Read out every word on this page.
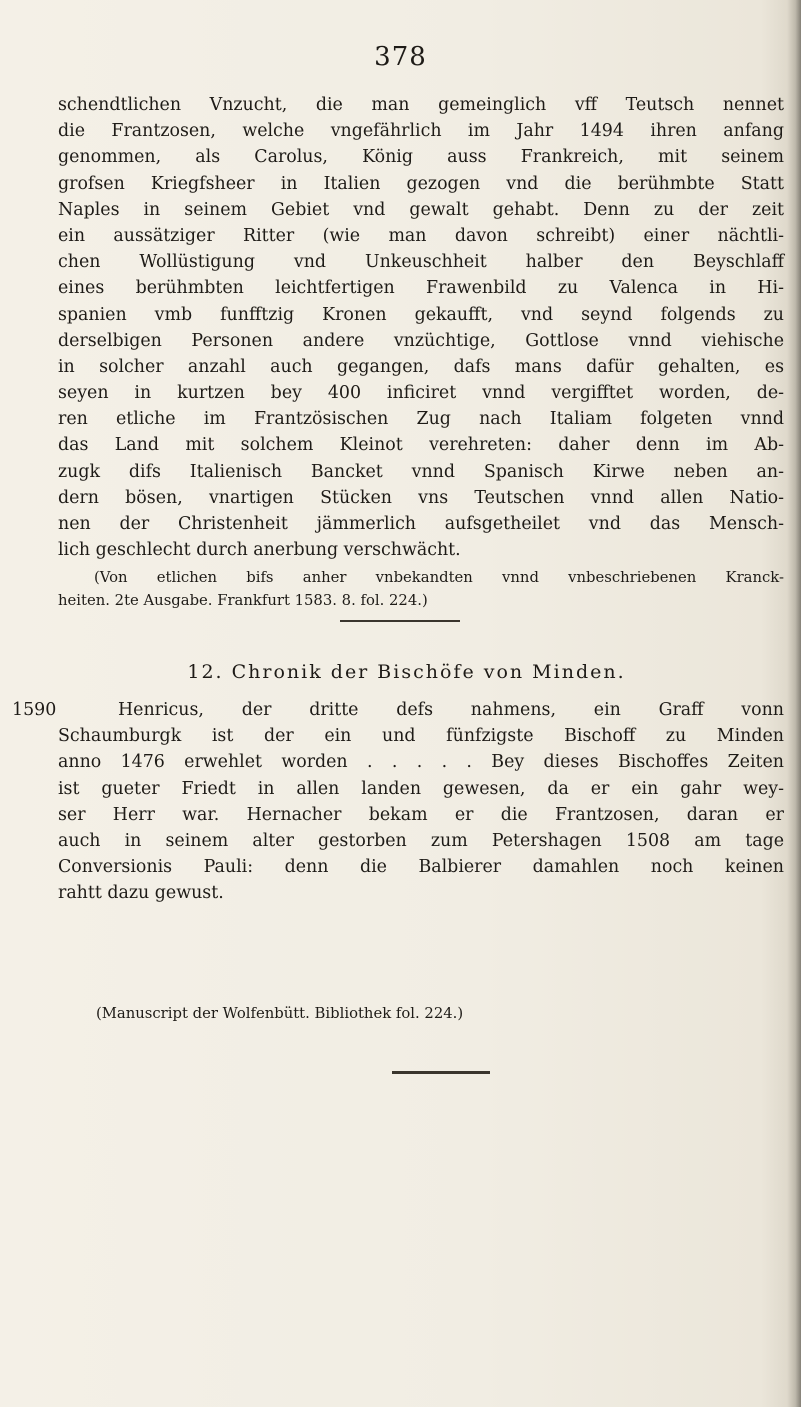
378
schendtlichen Vnzucht, die man gemeinglich vff Teutsch nennet
die Frantzosen, welche vngefährlich im Jahr 1494 ihren anfang
genommen, als Carolus, König auss Frankreich, mit seinem
grofsen Kriegfsheer in Italien gezogen vnd die berühmbte Statt
Naples in seinem Gebiet vnd gewalt gehabt. Denn zu der zeit
ein aussätziger Ritter (wie man davon schreibt) einer nächtli-
chen Wollüstigung vnd Unkeuschheit halber den Beyschlaff
eines berühmbten leichtfertigen Frawenbild zu Valenca in Hi-
spanien vmb funfftzig Kronen gekaufft, vnd seynd folgends zu
derselbigen Personen andere vnzüchtige, Gottlose vnnd viehische
in solcher anzahl auch gegangen, dafs mans dafür gehalten, es
seyen in kurtzen bey 400 inficiret vnnd vergifftet worden, de-
ren etliche im Frantzösischen Zug nach Italiam folgeten vnnd
das Land mit solchem Kleinot verehreten: daher denn im Ab-
zugk difs Italienisch Bancket vnnd Spanisch Kirwe neben an-
dern bösen, vnartigen Stücken vns Teutschen vnnd allen Natio-
nen der Christenheit jämmerlich aufsgetheilet vnd das Mensch-
lich geschlecht durch anerbung verschwächt.
(Von etlichen bifs anher vnbekandten vnnd vnbeschriebenen Kranck-
heiten. 2te Ausgabe. Frankfurt 1583. 8. fol. 224.)
12. Chronik der Bischöfe von Minden.
1590	Henricus, der dritte defs nahmens, ein Graff vonn
Schaumburgk ist der ein und fünfzigste Bischoff zu Minden
anno 1476 erwehlet worden . . . . . Bey dieses Bischoffes Zeiten
ist gueter Friedt in allen landen gewesen, da er ein gahr wey-
ser Herr war. Hernacher bekam er die Frantzosen, daran er
auch in seinem alter gestorben zum Petershagen 1508 am tage
Conversionis Pauli: denn die Balbierer damahlen noch keinen
rahtt dazu gewust.
(Manuscript der Wolfenbütt. Bibliothek fol. 224.)
